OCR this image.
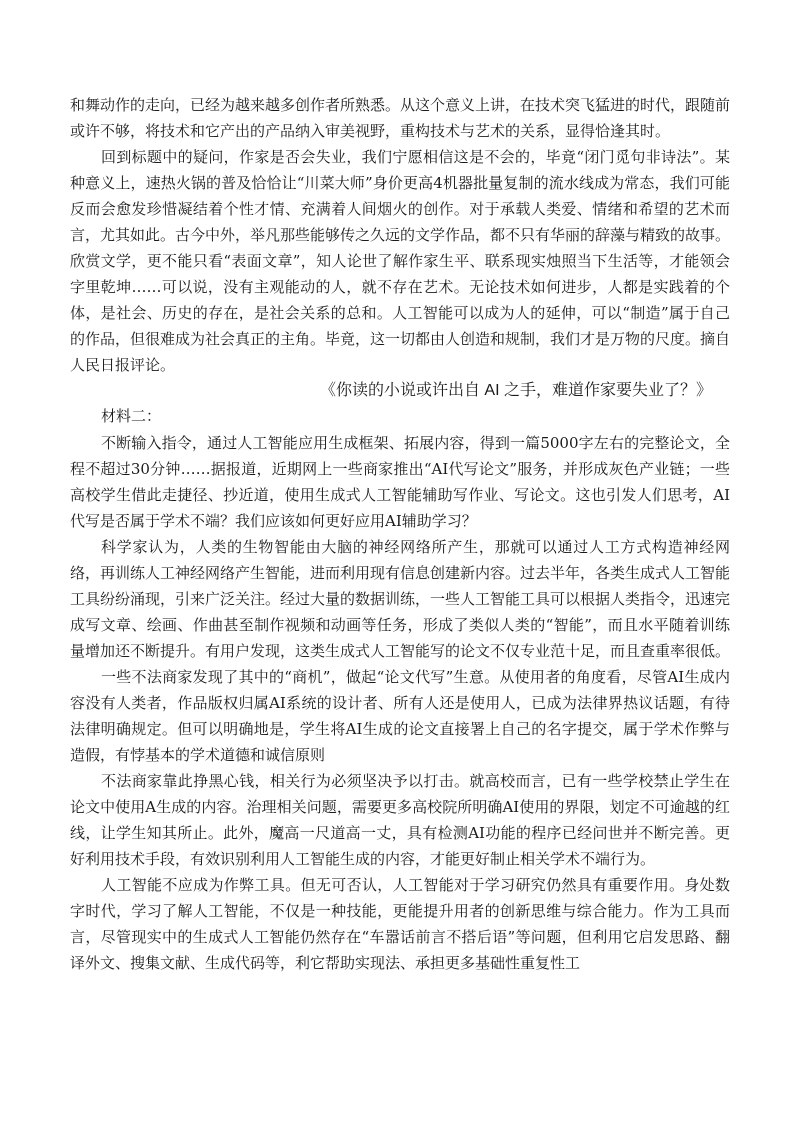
和舞动作的走向，已经为越来越多创作者所熟悉。从这个意义上讲，在技术突飞猛进的时代，跟随前或许不够，将技术和它产出的产品纳入审美视野，重构技术与艺术的关系，显得恰逢其时。

回到标题中的疑问，作家是否会失业，我们宁愿相信这是不会的，毕竟“闭门觅句非诗法”。某种意义上，速热火锅的普及恰恰让“川菜大师”身价更高4机器批量复制的流水线成为常态，我们可能反而会愈发珍惜凝结着个性才情、充满着人间烟火的创作。对于承载人类爱、情绪和希望的艺术而言，尤其如此。古今中外，举凡那些能够传之久远的文学作品，都不只有华丽的辞藻与精致的故事。欣赏文学，更不能只看“表面文章”，知人论世了解作家生平、联系现实烛照当下生活等，才能领会字里乾坤……可以说，没有主观能动的人，就不存在艺术。无论技术如何进步，人都是实践着的个体，是社会、历史的存在，是社会关系的总和。人工智能可以成为人的延伸，可以“制造”属于自己的作品，但很难成为社会真正的主角。毕竟，这一切都由人创造和规制，我们才是万物的尺度。摘自人民日报评论。

《你读的小说或许出自 AI 之手，难道作家要失业了？》

材料二：

不断输入指令，通过人工智能应用生成框架、拓展内容，得到一篇5000字左右的完整论文，全程不超过30分钟……据报道，近期网上一些商家推出“AI代写论文”服务，并形成灰色产业链；一些高校学生借此走捷径、抄近道，使用生成式人工智能辅助写作业、写论文。这也引发人们思考，AI代写是否属于学术不端？我们应该如何更好应用AI辅助学习？

科学家认为，人类的生物智能由大脑的神经网络所产生，那就可以通过人工方式构造神经网络，再训练人工神经网络产生智能，进而利用现有信息创建新内容。过去半年，各类生成式人工智能工具纷纷涌现，引来广泛关注。经过大量的数据训练，一些人工智能工具可以根据人类指令，迅速完成写文章、绘画、作曲甚至制作视频和动画等任务，形成了类似人类的“智能”，而且水平随着训练量增加还不断提升。有用户发现，这类生成式人工智能写的论文不仅专业范十足，而且查重率很低。

一些不法商家发现了其中的“商机”，做起“论文代写”生意。从使用者的角度看，尽管AI生成内容没有人类者，作品版权归属AI系统的设计者、所有人还是使用人，已成为法律界热议话题，有待法律明确规定。但可以明确地是，学生将AI生成的论文直接署上自己的名字提交，属于学术作弊与造假，有悖基本的学术道德和诚信原则

不法商家靠此挣黑心钱，相关行为必须坚决予以打击。就高校而言，已有一些学校禁止学生在论文中使用A生成的内容。治理相关问题，需要更多高校院所明确AI使用的界限，划定不可逾越的红线，让学生知其所止。此外，魔高一尺道高一丈，具有检测AI功能的程序已经问世并不断完善。更好利用技术手段，有效识别利用人工智能生成的内容，才能更好制止相关学术不端行为。

人工智能不应成为作弊工具。但无可否认，人工智能对于学习研究仍然具有重要作用。身处数字时代，学习了解人工智能，不仅是一种技能，更能提升用者的创新思维与综合能力。作为工具而言，尽管现实中的生成式人工智能仍然存在“车嚣话前言不搭后语”等问题，但利用它启发思路、翻译外文、搜集文献、生成代码等，利它帮助实现法、承担更多基础性重复性工
